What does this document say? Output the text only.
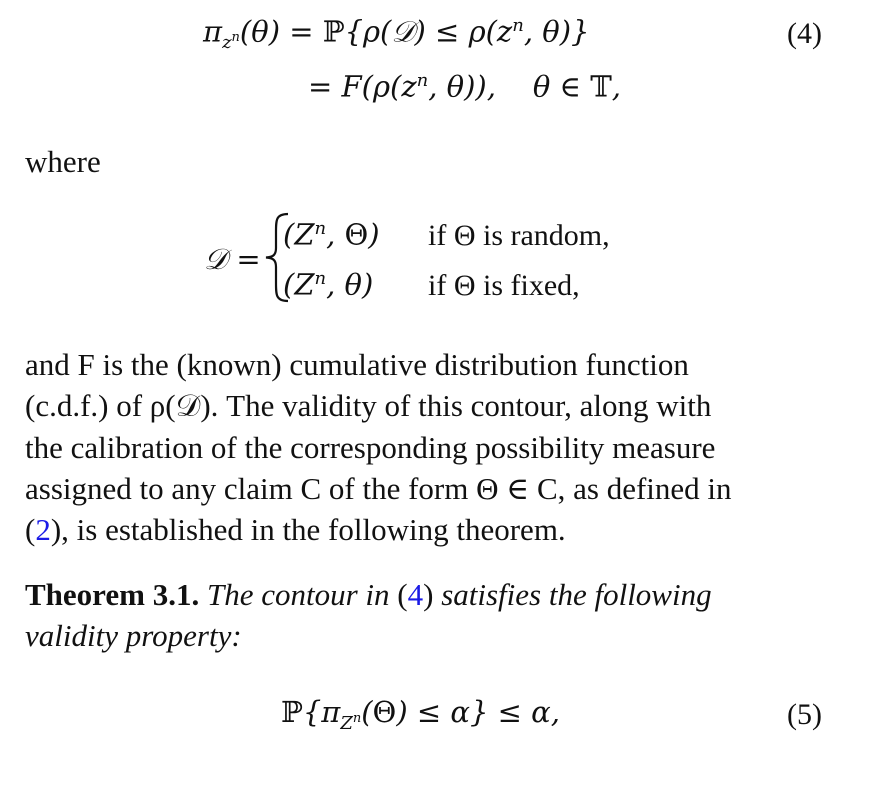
$\pi_{z^n}(\theta)$ = ℙ{ρ(𝒟) ≤ $\rho(z^n$, θ)}	(4)
= $F(\rho(z^n$, θ)),    θ ∈ 𝕋,
where
𝒟 =
($Z^n$, Θ) if Θ is random,
($Z^n$, θ) if Θ is fixed,
and F is the (known) cumulative distribution function
(c.d.f.) of ρ(𝒟). The validity of this contour, along with
the calibration of the corresponding possibility measure
assigned to any claim C of the form Θ ∈ C, as defined in
(2), is established in the following theorem.
Theorem 3.1. The contour in (4) satisfies the following
validity property:
$ℙ\{\pi_{Z^n}(\Theta) \le \alpha\} \le \alpha$,	(5)
